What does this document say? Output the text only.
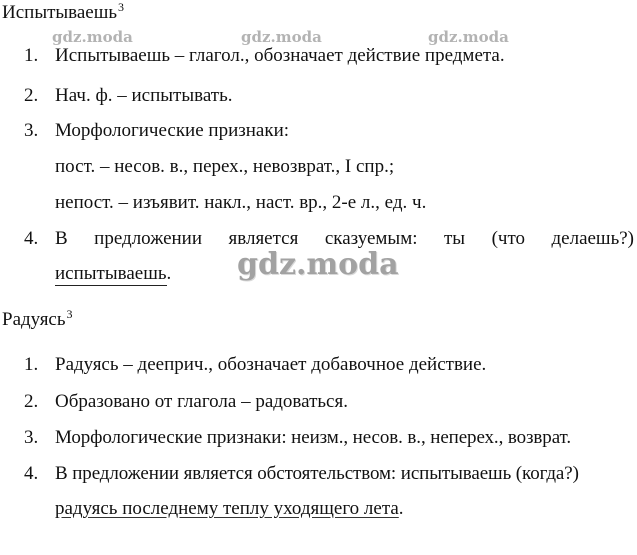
gdz.moda	gdz.moda	gdz.moda
Испытываешь$^3$
1. Испытываешь – глагол., обозначает действие предмета.
2. Нач. ф. – испытывать.
3. Морфологические признаки:
пост. – несов. в., перех., невозврат., I спр.;
непост. – изъявит. накл., наст. вр., 2-е л., ед. ч.
4. В предложении является сказуемым: ты (что делаешь?)
испытываешь. gdz.moda
Радуясь$^3$
1. Радуясь – дееприч., обозначает добавочное действие.
2. Образовано от глагола – радоваться.
3. Морфологические признаки: неизм., несов. в., неперех., возврат.
4. В предложении является обстоятельством: испытываешь (когда?)
радуясь последнему теплу уходящего лета.
